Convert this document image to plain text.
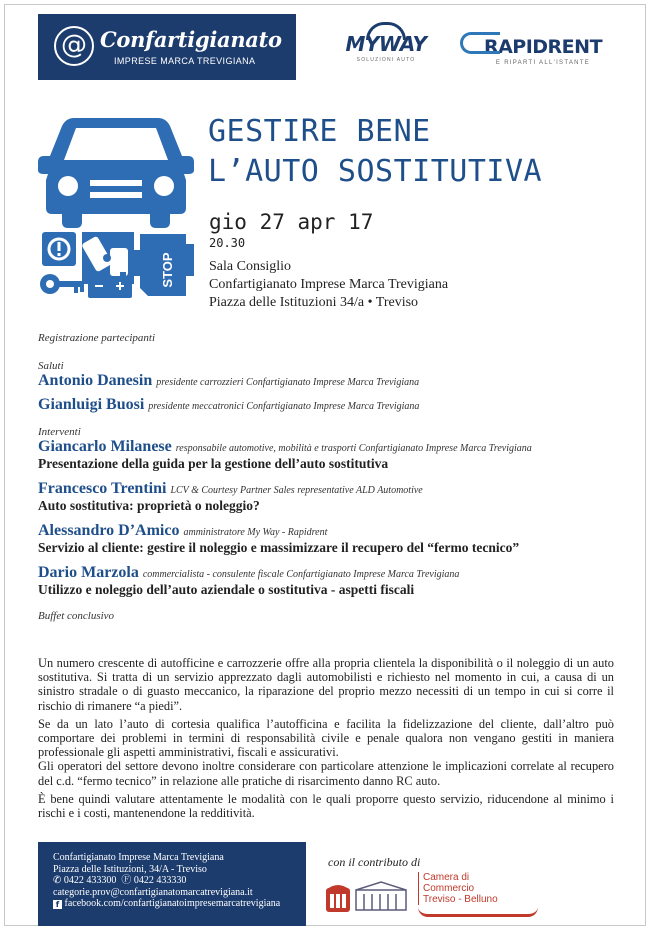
@ Confartigianato
IMPRESE MARCA TREVIGIANA
MYWAY
SOLUZIONI AUTO
RAPIDRENT
E RIPARTI ALL'ISTANTE
STOP
GESTIRE BENE
L’AUTO SOSTITUTIVA
gio 27 apr 17
20.30
Sala Consiglio
Confartigianato Imprese Marca Trevigiana
Piazza delle Istituzioni 34/a • Treviso
Registrazione partecipanti
Saluti
Antonio Danesin presidente carrozzieri Confartigianato Imprese Marca Trevigiana
Gianluigi Buosi presidente meccatronici Confartigianato Imprese Marca Trevigiana
Interventi
Giancarlo Milanese responsabile automotive, mobilità e trasporti Confartigianato Imprese Marca Trevigiana
Presentazione della guida per la gestione dell’auto sostitutiva
Francesco Trentini LCV & Courtesy Partner Sales representative ALD Automotive
Auto sostitutiva: proprietà o noleggio?
Alessandro D’Amico amministratore My Way - Rapidrent
Servizio al cliente: gestire il noleggio e massimizzare il recupero del “fermo tecnico”
Dario Marzola commercialista - consulente fiscale Confartigianato Imprese Marca Trevigiana
Utilizzo e noleggio dell’auto aziendale o sostitutiva - aspetti fiscali
Buffet conclusivo

Un numero crescente di autofficine e carrozzerie offre alla propria clientela la disponibilità o il noleggio di un auto sostitutiva. Si tratta di un servizio apprezzato dagli automobilisti e richiesto nel momento in cui, a causa di un sinistro stradale o di guasto meccanico, la riparazione del proprio mezzo necessiti di un tempo in cui si corre il rischio di rimanere “a piedi”.

Se da un lato l’auto di cortesia qualifica l’autofficina e facilita la fidelizzazione del cliente, dall’altro può comportare dei problemi in termini di responsabilità civile e penale qualora non vengano gestiti in maniera professionale gli aspetti amministrativi, fiscali e assicurativi.

Gli operatori del settore devono inoltre considerare con particolare attenzione le implicazioni correlate al recupero del c.d. “fermo tecnico” in relazione alle pratiche di risarcimento danno RC auto.

È bene quindi valutare attentamente le modalità con le quali proporre questo servizio, riducendone al minimo i rischi e i costi, mantenendone la redditività.

Confartigianato Imprese Marca Trevigiana
Piazza delle Istituzioni, 34/A - Treviso
✆ 0422 433300 Ⓕ 0422 433330
categorie.prov@confartigianatomarcatrevigiana.it
f facebook.com/confartigianatoimpresemarcatrevigiana
con il contributo di
Camera di Commercio
Treviso - Belluno
